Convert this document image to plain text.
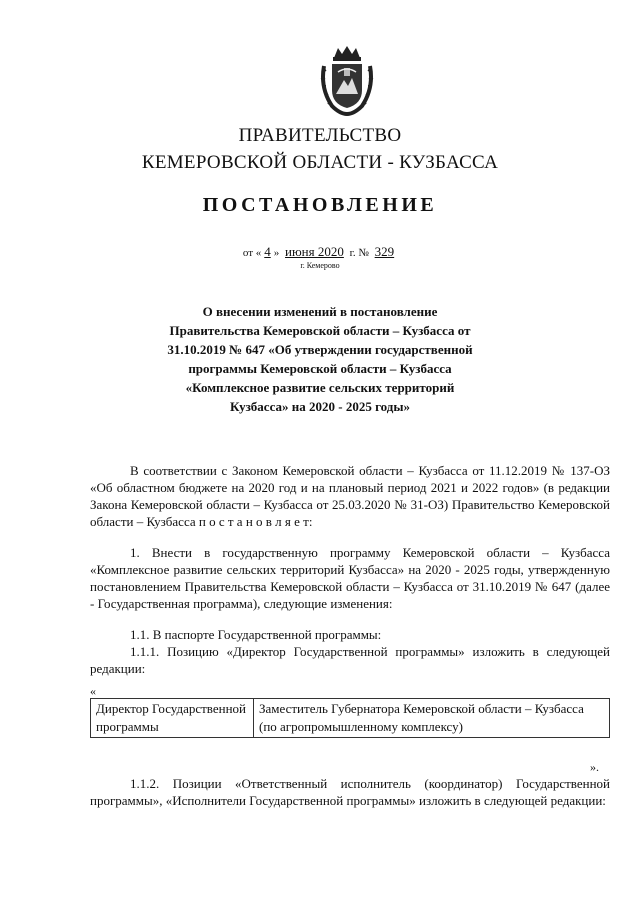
ПРАВИТЕЛЬСТВО
КЕМЕРОВСКОЙ ОБЛАСТИ - КУЗБАССА
ПОСТАНОВЛЕНИЕ
от « 4 » июня 2020 г. № 329
г. Кемерово
О внесении изменений в постановление
Правительства Кемеровской области – Кузбасса от
31.10.2019 № 647 «Об утверждении государственной
программы Кемеровской области – Кузбасса
«Комплексное развитие сельских территорий
Кузбасса» на 2020 - 2025 годы»
В соответствии с Законом Кемеровской области – Кузбасса от 11.12.2019 № 137-ОЗ «Об областном бюджете на 2020 год и на плановый период 2021 и 2022 годов» (в редакции Закона Кемеровской области – Кузбасса от 25.03.2020 № 31-ОЗ) Правительство Кемеровской области – Кузбасса п о с т а н о в л я е т:
1. Внести в государственную программу Кемеровской области – Кузбасса «Комплексное развитие сельских территорий Кузбасса» на 2020 - 2025 годы, утвержденную постановлением Правительства Кемеровской области – Кузбасса от 31.10.2019 № 647 (далее - Государственная программа), следующие изменения:
1.1. В паспорте Государственной программы:
1.1.1. Позицию «Директор Государственной программы» изложить в следующей редакции:
«
Директор Государственной программы	Заместитель Губернатора Кемеровской области – Кузбасса (по агропромышленному комплексу)
».
1.1.2. Позиции «Ответственный исполнитель (координатор) Государственной программы», «Исполнители Государственной программы» изложить в следующей редакции:
